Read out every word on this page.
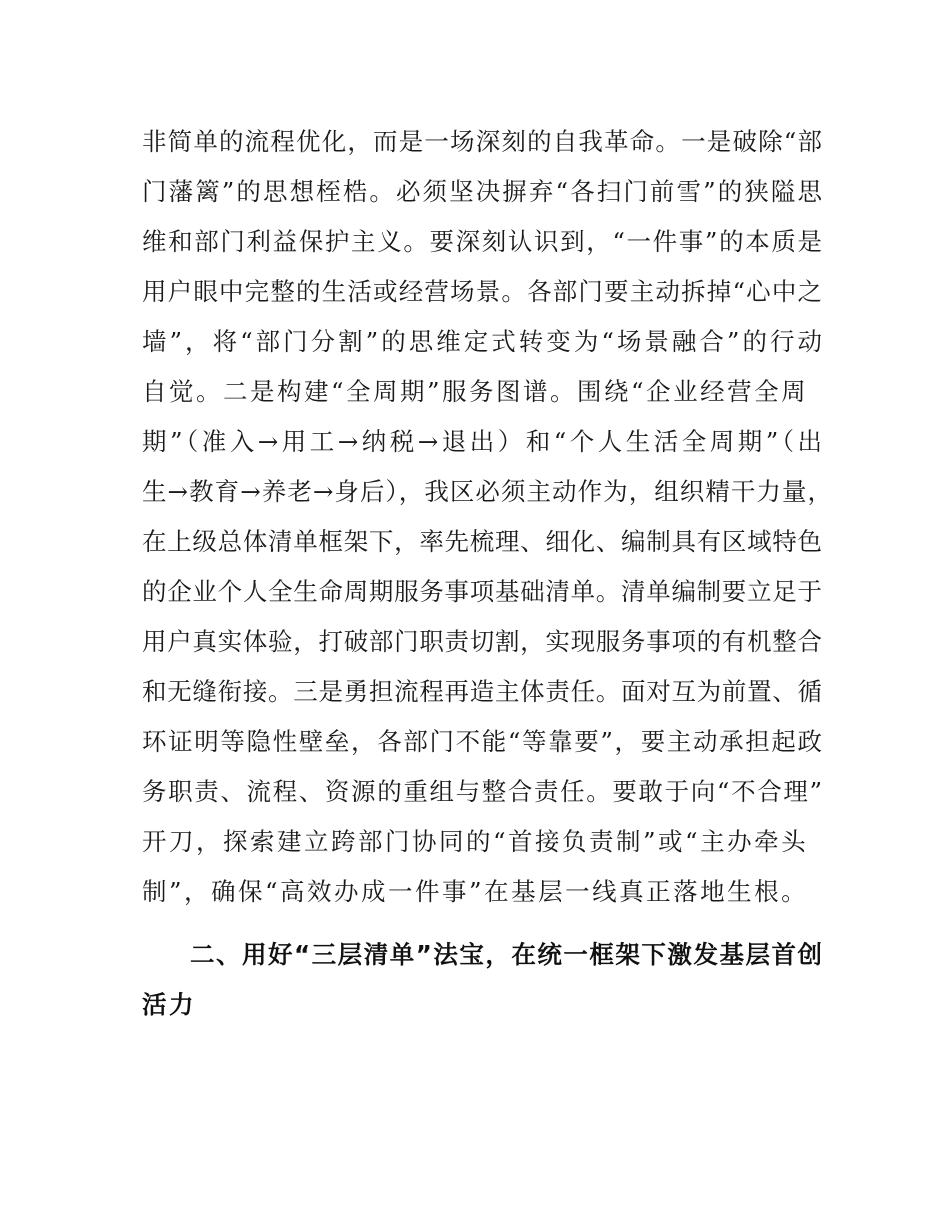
非简单的流程优化，而是一场深刻的自我革命。一是破除“部
门藩篱”的思想桎梏。必须坚决摒弃“各扫门前雪”的狭隘思
维和部门利益保护主义。要深刻认识到，“一件事”的本质是
用户眼中完整的生活或经营场景。各部门要主动拆掉“心中之
墙”，将“部门分割”的思维定式转变为“场景融合”的行动
自觉。二是构建“全周期”服务图谱。围绕“企业经营全周
期”（准入→用工→纳税→退出）和“个人生活全周期”（出
生→教育→养老→身后），我区必须主动作为，组织精干力量，
在上级总体清单框架下，率先梳理、细化、编制具有区域特色
的企业个人全生命周期服务事项基础清单。清单编制要立足于
用户真实体验，打破部门职责切割，实现服务事项的有机整合
和无缝衔接。三是勇担流程再造主体责任。面对互为前置、循
环证明等隐性壁垒，各部门不能“等靠要”，要主动承担起政
务职责、流程、资源的重组与整合责任。要敢于向“不合理”
开刀，探索建立跨部门协同的“首接负责制”或“主办牵头
制”，确保“高效办成一件事”在基层一线真正落地生根。
二、用好“三层清单”法宝，在统一框架下激发基层首创
活力
